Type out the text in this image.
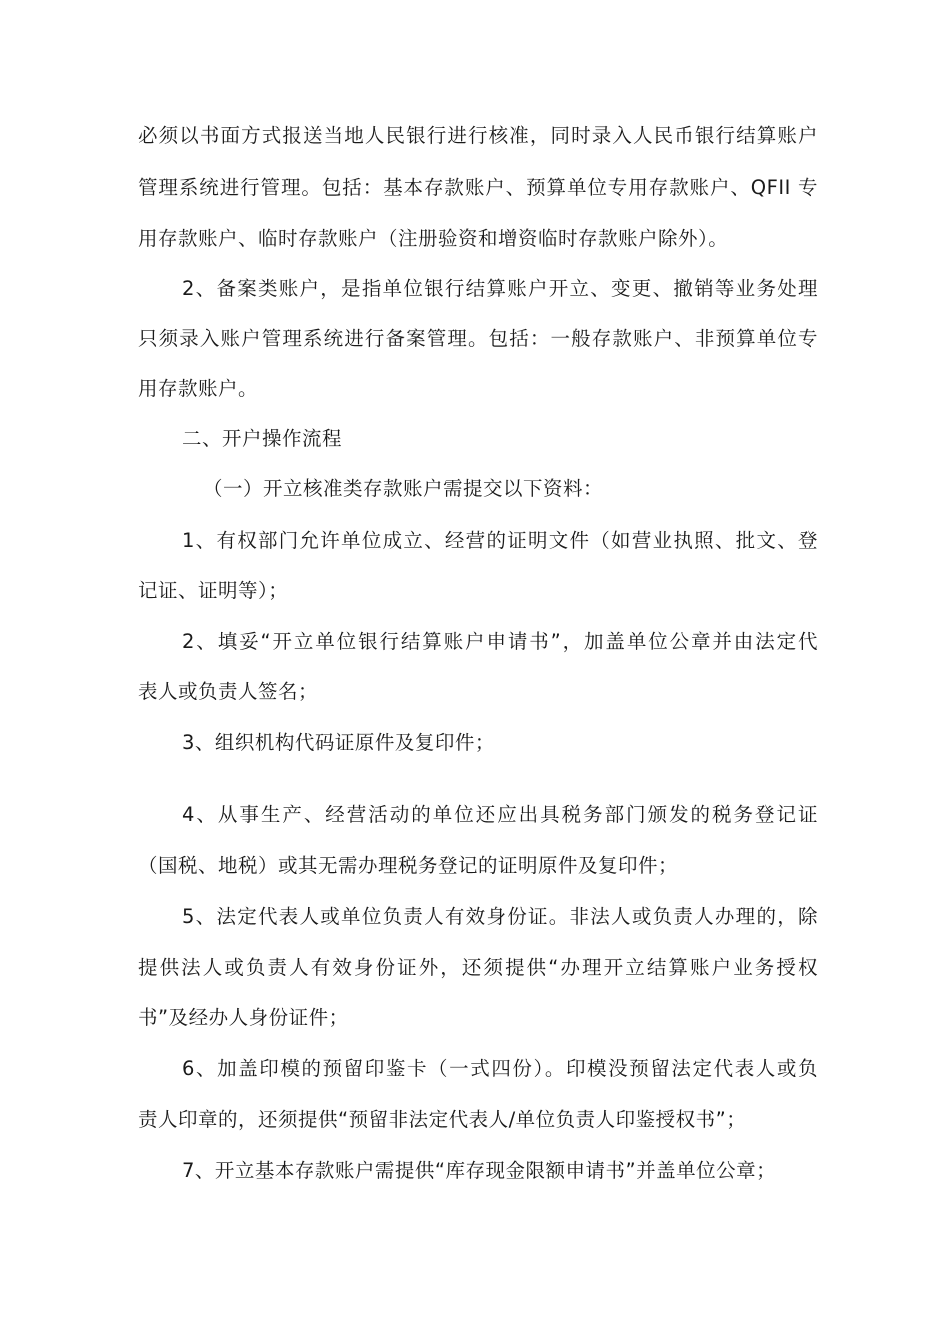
必须以书面方式报送当地人民银行进行核准，同时录入人民币银行结算账户
管理系统进行管理。包括：基本存款账户、预算单位专用存款账户、QFII 专
用存款账户、临时存款账户（注册验资和增资临时存款账户除外）。
2、备案类账户，是指单位银行结算账户开立、变更、撤销等业务处理
只须录入账户管理系统进行备案管理。包括：一般存款账户、非预算单位专
用存款账户。
二、开户操作流程
（一）开立核准类存款账户需提交以下资料：
1、有权部门允许单位成立、经营的证明文件（如营业执照、批文、登
记证、证明等）；
2、填妥“开立单位银行结算账户申请书”，加盖单位公章并由法定代
表人或负责人签名；
3、组织机构代码证原件及复印件；
4、从事生产、经营活动的单位还应出具税务部门颁发的税务登记证
（国税、地税）或其无需办理税务登记的证明原件及复印件；
5、法定代表人或单位负责人有效身份证。非法人或负责人办理的，除
提供法人或负责人有效身份证外，还须提供“办理开立结算账户业务授权
书”及经办人身份证件；
6、加盖印模的预留印鉴卡（一式四份）。印模没预留法定代表人或负
责人印章的，还须提供“预留非法定代表人/单位负责人印鉴授权书”；
7、开立基本存款账户需提供“库存现金限额申请书”并盖单位公章；
